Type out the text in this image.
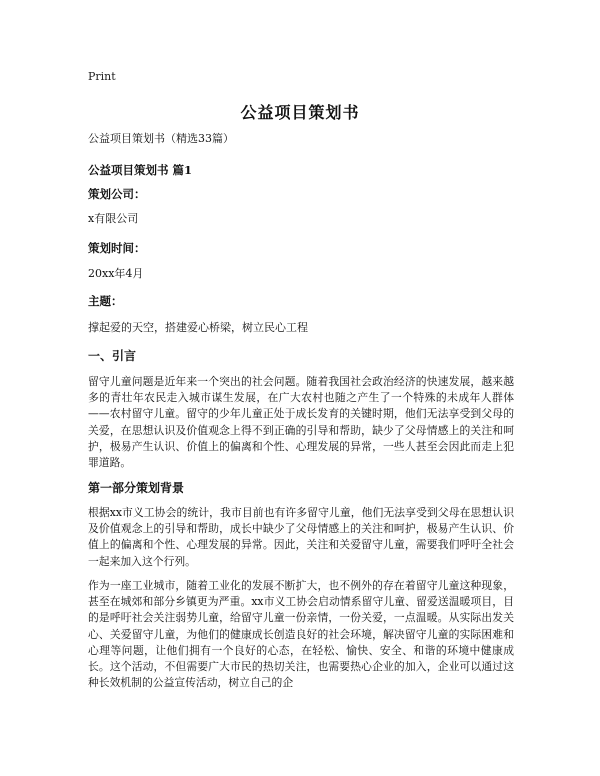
Print
公益项目策划书
公益项目策划书（精选33篇）
公益项目策划书 篇1
策划公司：
x有限公司
策划时间：
20xx年4月
主题：
撑起爱的天空，搭建爱心桥梁，树立民心工程
一、引言
留守儿童问题是近年来一个突出的社会问题。随着我国社会政治经济的快速发展，越来越多的青壮年农民走入城市谋生发展，在广大农村也随之产生了一个特殊的未成年人群体——农村留守儿童。留守的少年儿童正处于成长发育的关键时期，他们无法享受到父母的关爱，在思想认识及价值观念上得不到正确的引导和帮助，缺少了父母情感上的关注和呵护，极易产生认识、价值上的偏离和个性、心理发展的异常，一些人甚至会因此而走上犯罪道路。
第一部分策划背景
根据xx市义工协会的统计，我市目前也有许多留守儿童，他们无法享受到父母在思想认识及价值观念上的引导和帮助，成长中缺少了父母情感上的关注和呵护，极易产生认识、价值上的偏离和个性、心理发展的异常。因此，关注和关爱留守儿童，需要我们呼吁全社会一起来加入这个行列。
作为一座工业城市，随着工业化的发展不断扩大，也不例外的存在着留守儿童这种现象，甚至在城郊和部分乡镇更为严重。xx市义工协会启动情系留守儿童、留爱送温暖项目，目的是呼吁社会关注弱势儿童，给留守儿童一份亲情，一份关爱，一点温暖。从实际出发关心、关爱留守儿童，为他们的健康成长创造良好的社会环境，解决留守儿童的实际困难和心理等问题，让他们拥有一个良好的心态，在轻松、愉快、安全、和谐的环境中健康成长。这个活动，不但需要广大市民的热切关注，也需要热心企业的加入，企业可以通过这种长效机制的公益宣传活动，树立自己的企
